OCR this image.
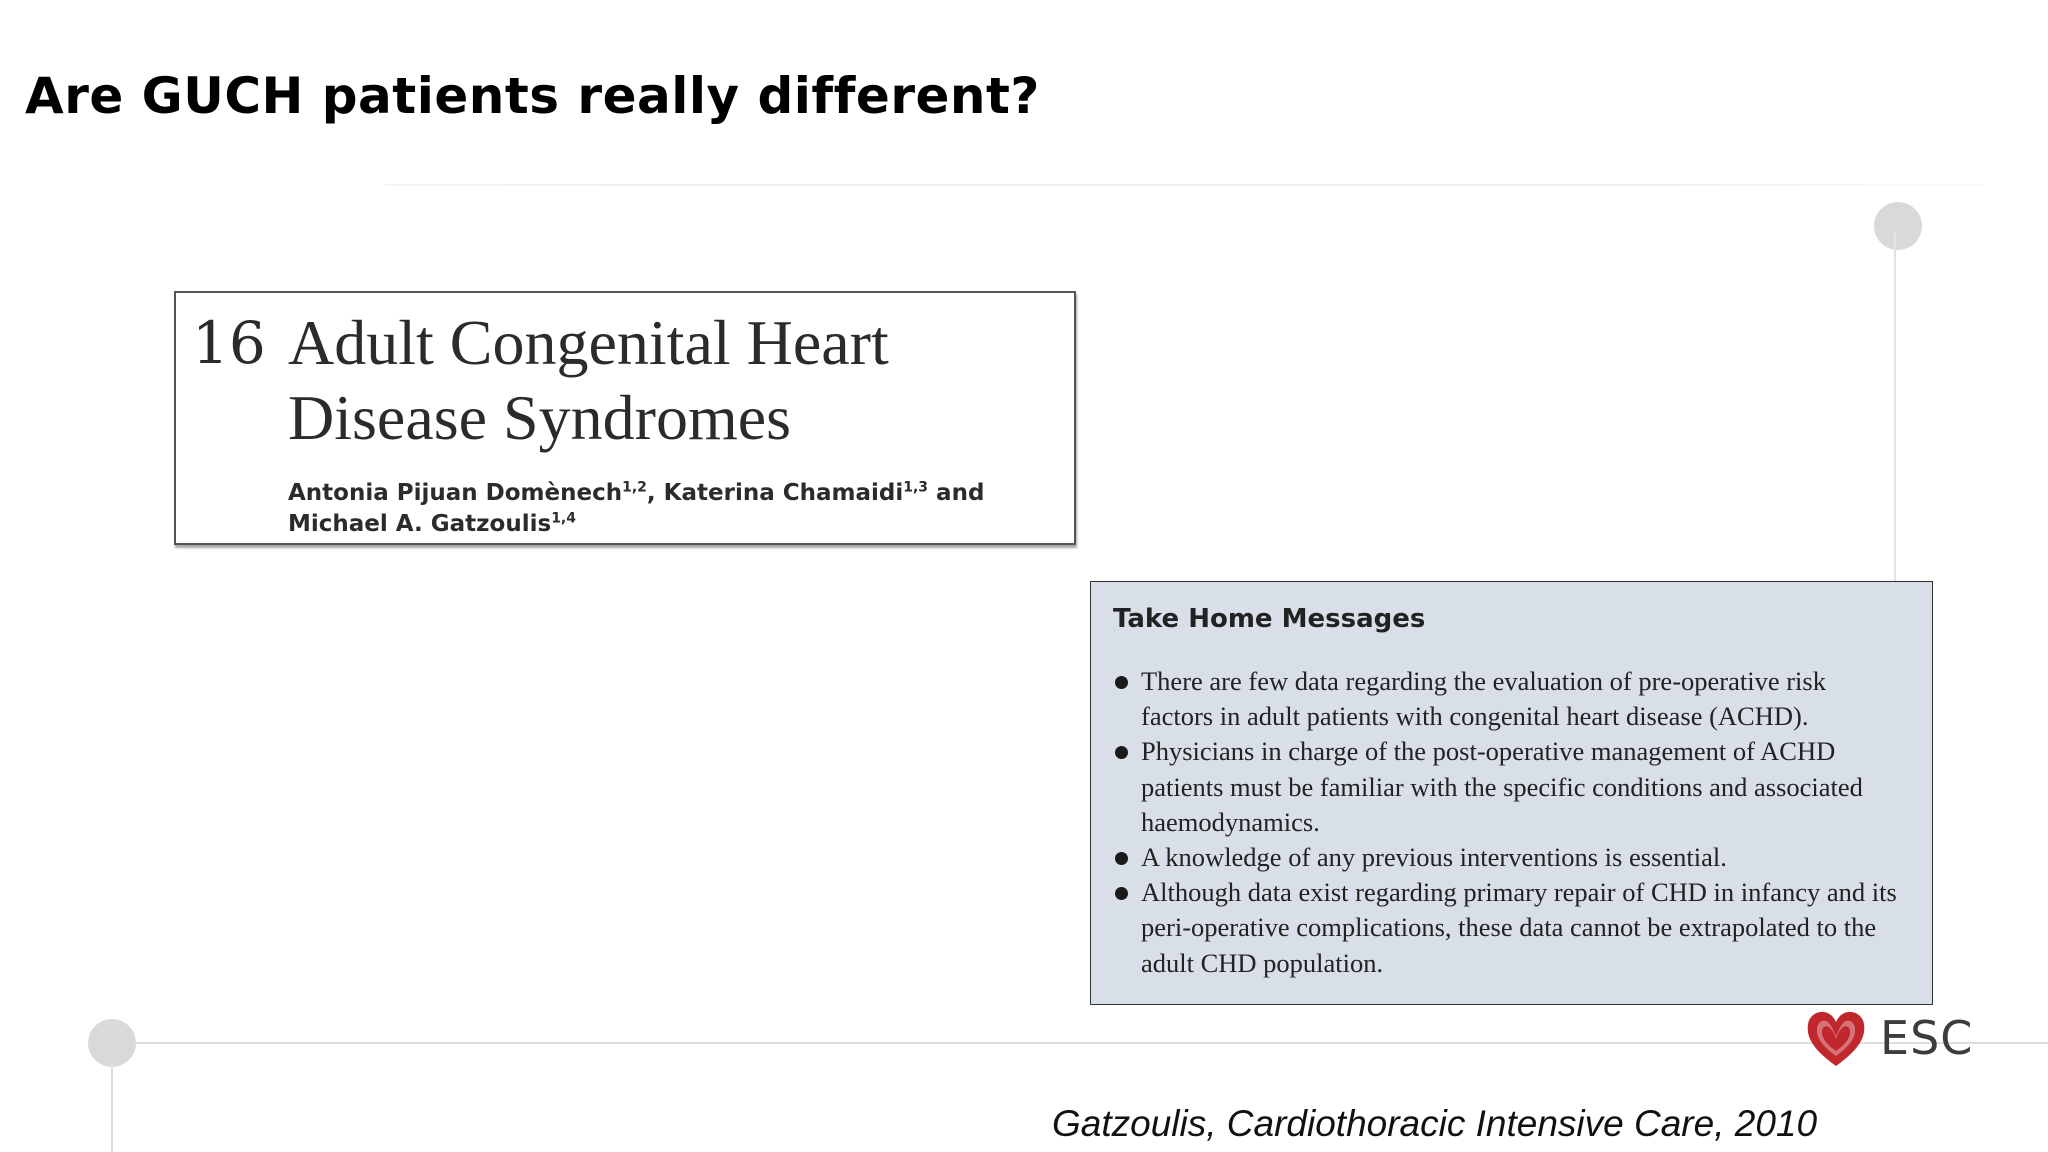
Are GUCH patients really different?
16 Adult Congenital Heart
Disease Syndromes
Antonia Pijuan Domènech$^{1,2}$, Katerina Chamaidi$^{1,3}$ and
Michael A. Gatzoulis$^{1,4}$
Take Home Messages
There are few data regarding the evaluation of pre-operative risk factors in adult patients with congenital heart disease (ACHD).
Physicians in charge of the post-operative management of ACHD patients must be familiar with the specific conditions and associated haemodynamics.
A knowledge of any previous interventions is essential.
Although data exist regarding primary repair of CHD in infancy and its peri-operative complications, these data cannot be extrapolated to the adult CHD population.
ESC
Gatzoulis, Cardiothoracic Intensive Care, 2010
